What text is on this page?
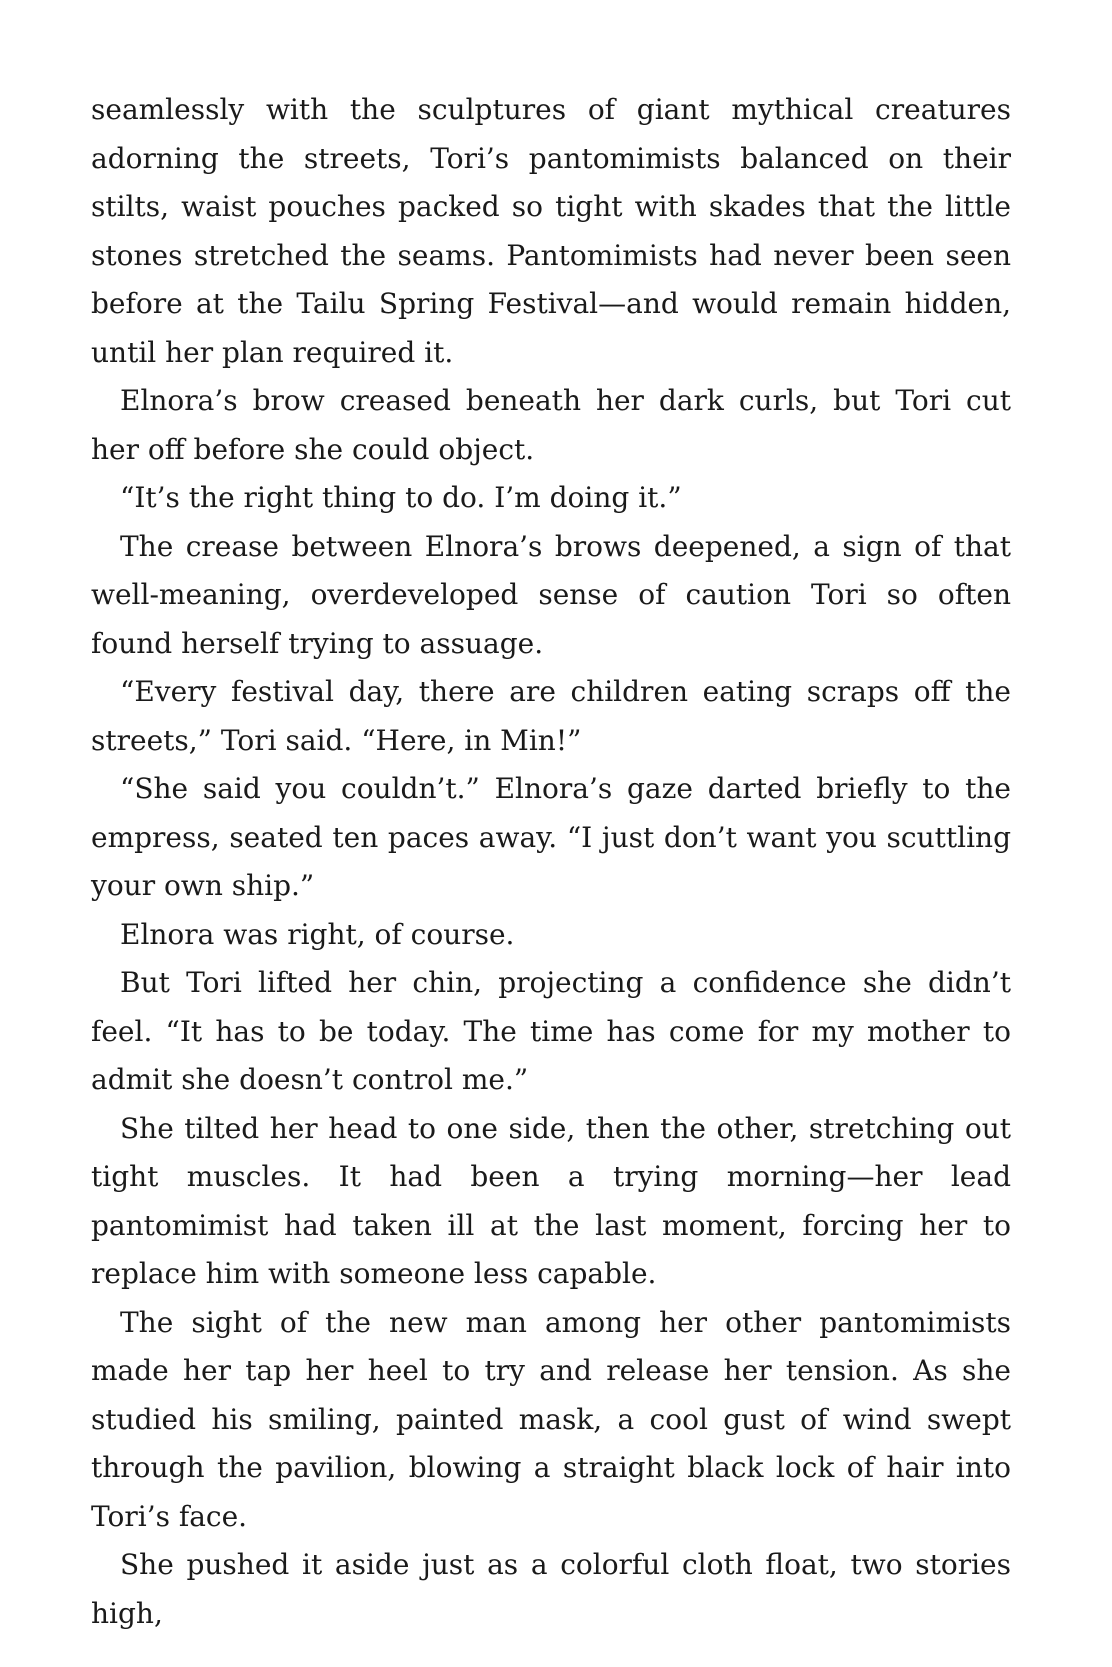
seamlessly with the sculptures of giant mythical creatures adorning the streets, Tori’s pantomimists balanced on their stilts, waist pouches packed so tight with skades that the little stones stretched the seams. Pantomimists had never been seen before at the Tailu Spring Festival—and would remain hidden, until her plan required it.

Elnora’s brow creased beneath her dark curls, but Tori cut her off before she could object.

“It’s the right thing to do. I’m doing it.”

The crease between Elnora’s brows deepened, a sign of that well-meaning, overdeveloped sense of caution Tori so often found herself trying to assuage.

“Every festival day, there are children eating scraps off the streets,” Tori said. “Here, in Min!”

“She said you couldn’t.” Elnora’s gaze darted briefly to the empress, seated ten paces away. “I just don’t want you scuttling your own ship.”

Elnora was right, of course.

But Tori lifted her chin, projecting a confidence she didn’t feel. “It has to be today. The time has come for my mother to admit she doesn’t control me.”

She tilted her head to one side, then the other, stretching out tight muscles. It had been a trying morning—her lead pantomimist had taken ill at the last moment, forcing her to replace him with someone less capable.

The sight of the new man among her other pantomimists made her tap her heel to try and release her tension. As she studied his smiling, painted mask, a cool gust of wind swept through the pavilion, blowing a straight black lock of hair into Tori’s face.

She pushed it aside just as a colorful cloth float, two stories high,
